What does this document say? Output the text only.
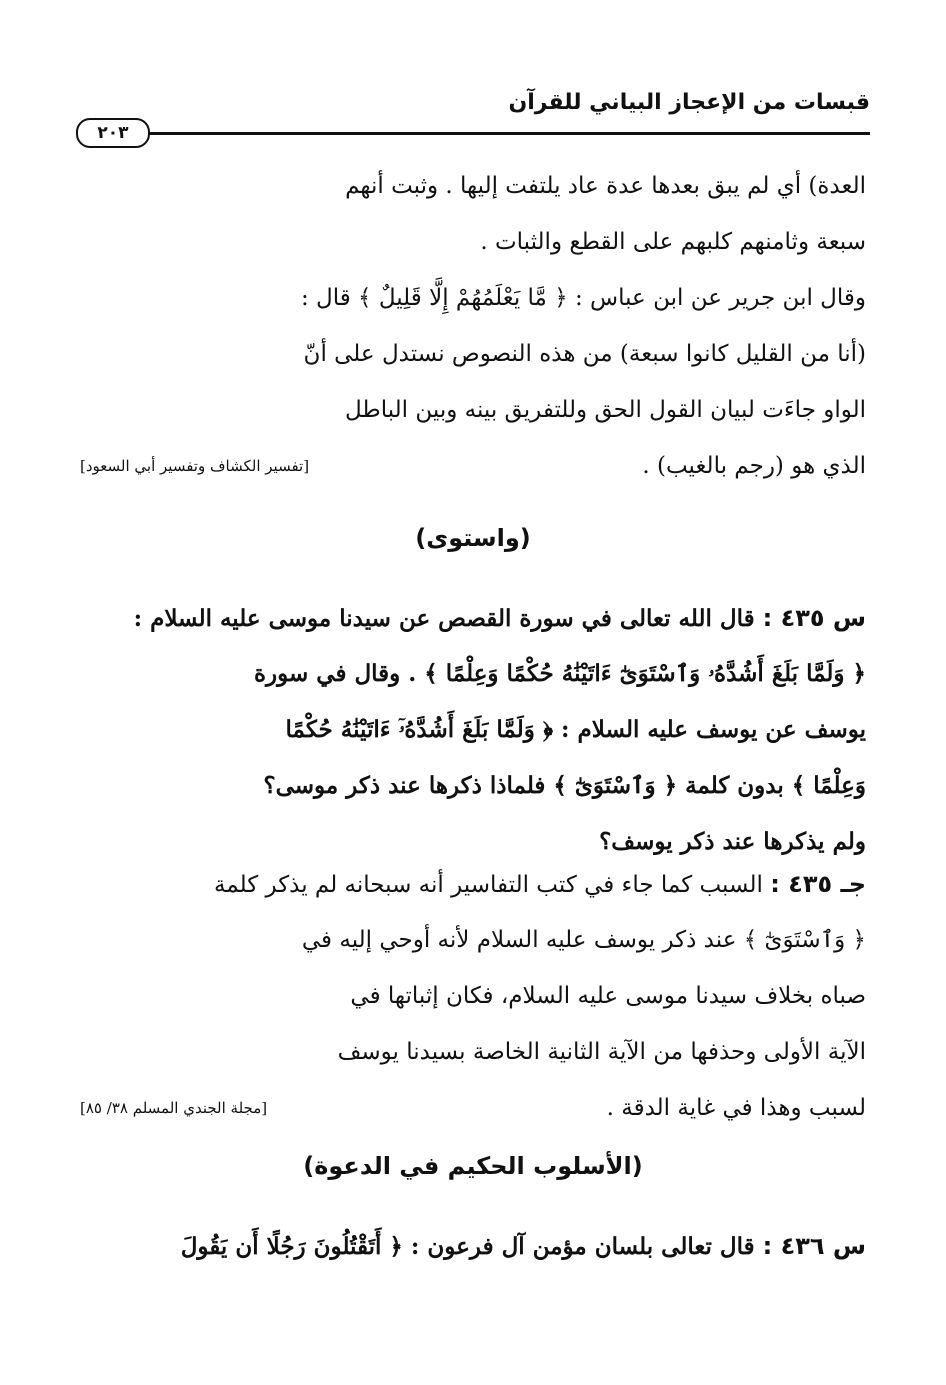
قبسات من الإعجاز البياني للقرآن
٢٠٣
العدة) أي لم يبق بعدها عدة عاد يلتفت إليها . وثبت أنهم
سبعة وثامنهم كلبهم على القطع والثبات .
وقال ابن جرير عن ابن عباس : ﴿ مَّا يَعْلَمُهُمْ إِلَّا قَلِيلٌ ﴾ قال :
(أنا من القليل كانوا سبعة) من هذه النصوص نستدل على أنّ
الواو جاءَت لبيان القول الحق وللتفريق بينه وبين الباطل
الذي هو (رجم بالغيب) .
[تفسير الكشاف وتفسير أبي السعود]
(واستوى)
س ٤٣٥ : قال الله تعالى في سورة القصص عن سيدنا موسى عليه السلام :
﴿ وَلَمَّا بَلَغَ أَشُدَّهُۥ وَٱسْتَوَىٰٓ ءَاتَيْنَٰهُ حُكْمًا وَعِلْمًا ﴾ . وقال في سورة
يوسف عن يوسف عليه السلام : ﴿ وَلَمَّا بَلَغَ أَشُدَّهُۥٓ ءَاتَيْنَٰهُ حُكْمًا
وَعِلْمًا ﴾ بدون كلمة ﴿ وَٱسْتَوَىٰٓ ﴾ فلماذا ذكرها عند ذكر موسى؟
ولم يذكرها عند ذكر يوسف؟
جـ ٤٣٥ : السبب كما جاء في كتب التفاسير أنه سبحانه لم يذكر كلمة
﴿ وَٱسْتَوَىٰٓ ﴾ عند ذكر يوسف عليه السلام لأنه أوحي إليه في
صباه بخلاف سيدنا موسى عليه السلام، فكان إثباتها في
الآية الأولى وحذفها من الآية الثانية الخاصة بسيدنا يوسف
لسبب وهذا في غاية الدقة .
[مجلة الجندي المسلم ٣٨/ ٨٥]
(الأسلوب الحكيم في الدعوة)
س ٤٣٦ : قال تعالى بلسان مؤمن آل فرعون : ﴿ أَتَقْتُلُونَ رَجُلًا أَن يَقُولَ
